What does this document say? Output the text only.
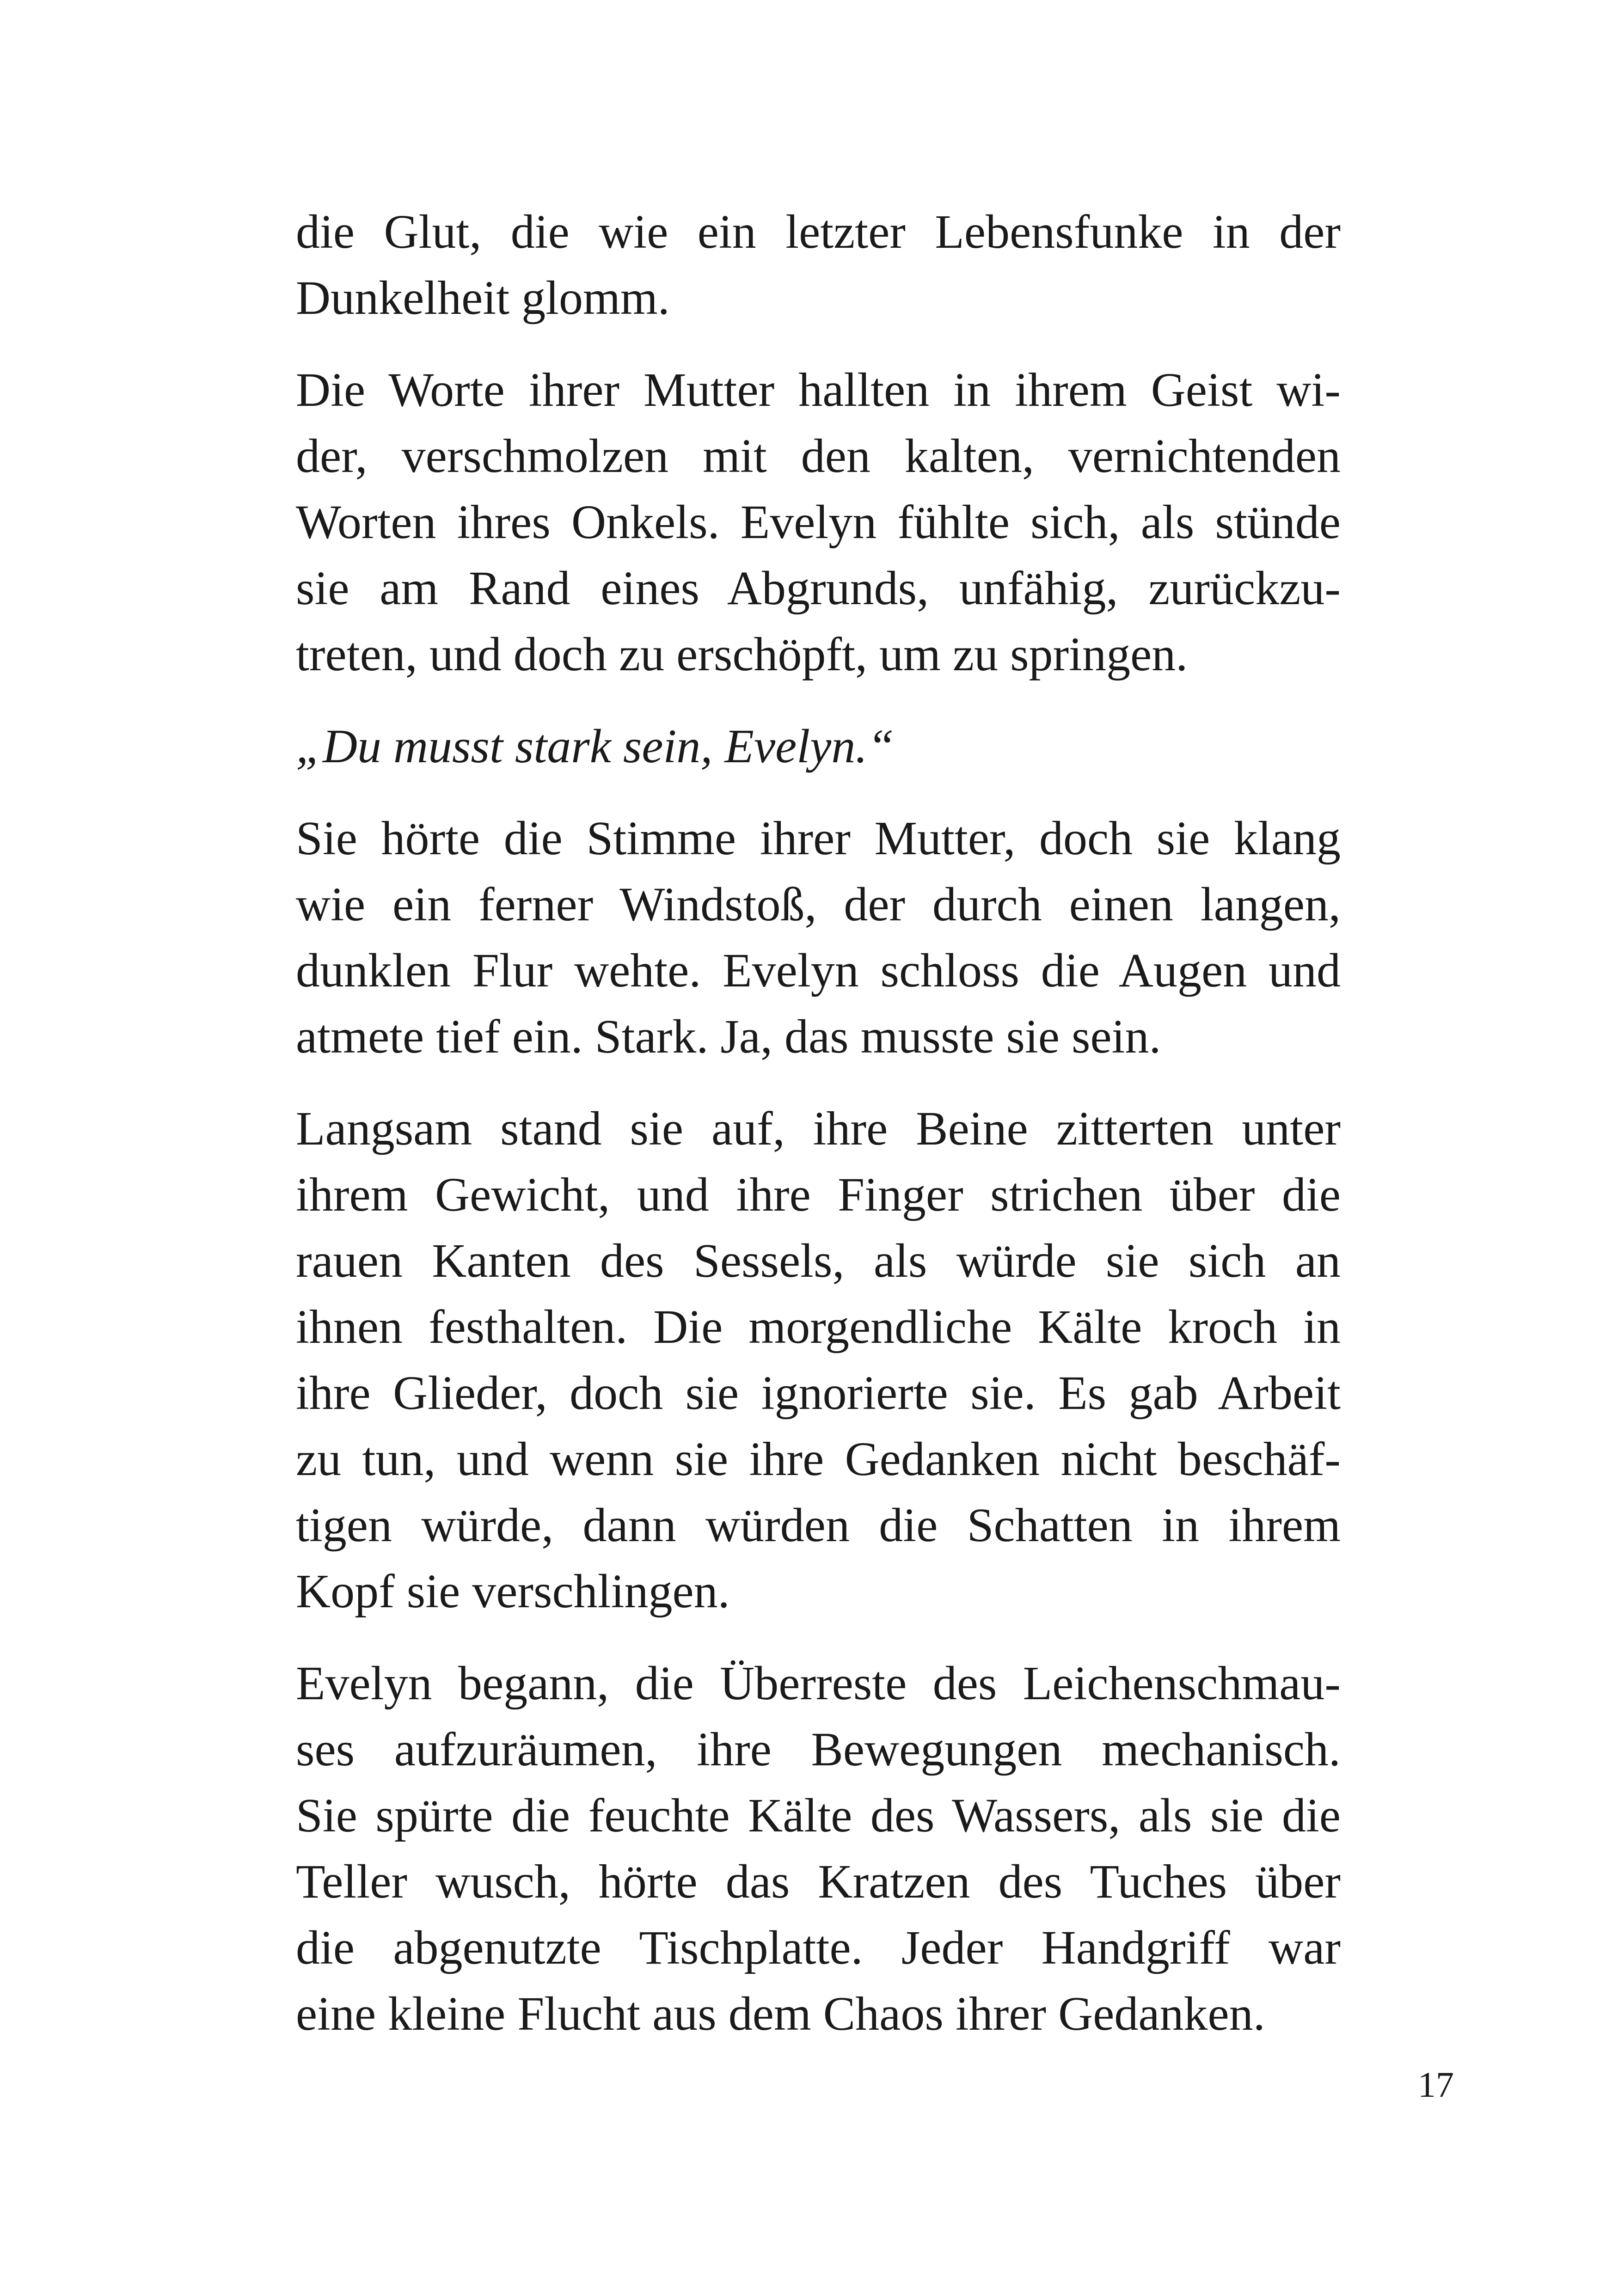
die Glut, die wie ein letzter Lebensfunke in der
Dunkelheit glomm.

Die Worte ihrer Mutter hallten in ihrem Geist wi-
der, verschmolzen mit den kalten, vernichtenden
Worten ihres Onkels. Evelyn fühlte sich, als stünde
sie am Rand eines Abgrunds, unfähig, zurückzu-
treten, und doch zu erschöpft, um zu springen.

„Du musst stark sein, Evelyn.“

Sie hörte die Stimme ihrer Mutter, doch sie klang
wie ein ferner Windstoß, der durch einen langen,
dunklen Flur wehte. Evelyn schloss die Augen und
atmete tief ein. Stark. Ja, das musste sie sein.

Langsam stand sie auf, ihre Beine zitterten unter
ihrem Gewicht, und ihre Finger strichen über die
rauen Kanten des Sessels, als würde sie sich an
ihnen festhalten. Die morgendliche Kälte kroch in
ihre Glieder, doch sie ignorierte sie. Es gab Arbeit
zu tun, und wenn sie ihre Gedanken nicht beschäf-
tigen würde, dann würden die Schatten in ihrem
Kopf sie verschlingen.

Evelyn begann, die Überreste des Leichenschmau-
ses aufzuräumen, ihre Bewegungen mechanisch.
Sie spürte die feuchte Kälte des Wassers, als sie die
Teller wusch, hörte das Kratzen des Tuches über
die abgenutzte Tischplatte. Jeder Handgriff war
eine kleine Flucht aus dem Chaos ihrer Gedanken.

17
